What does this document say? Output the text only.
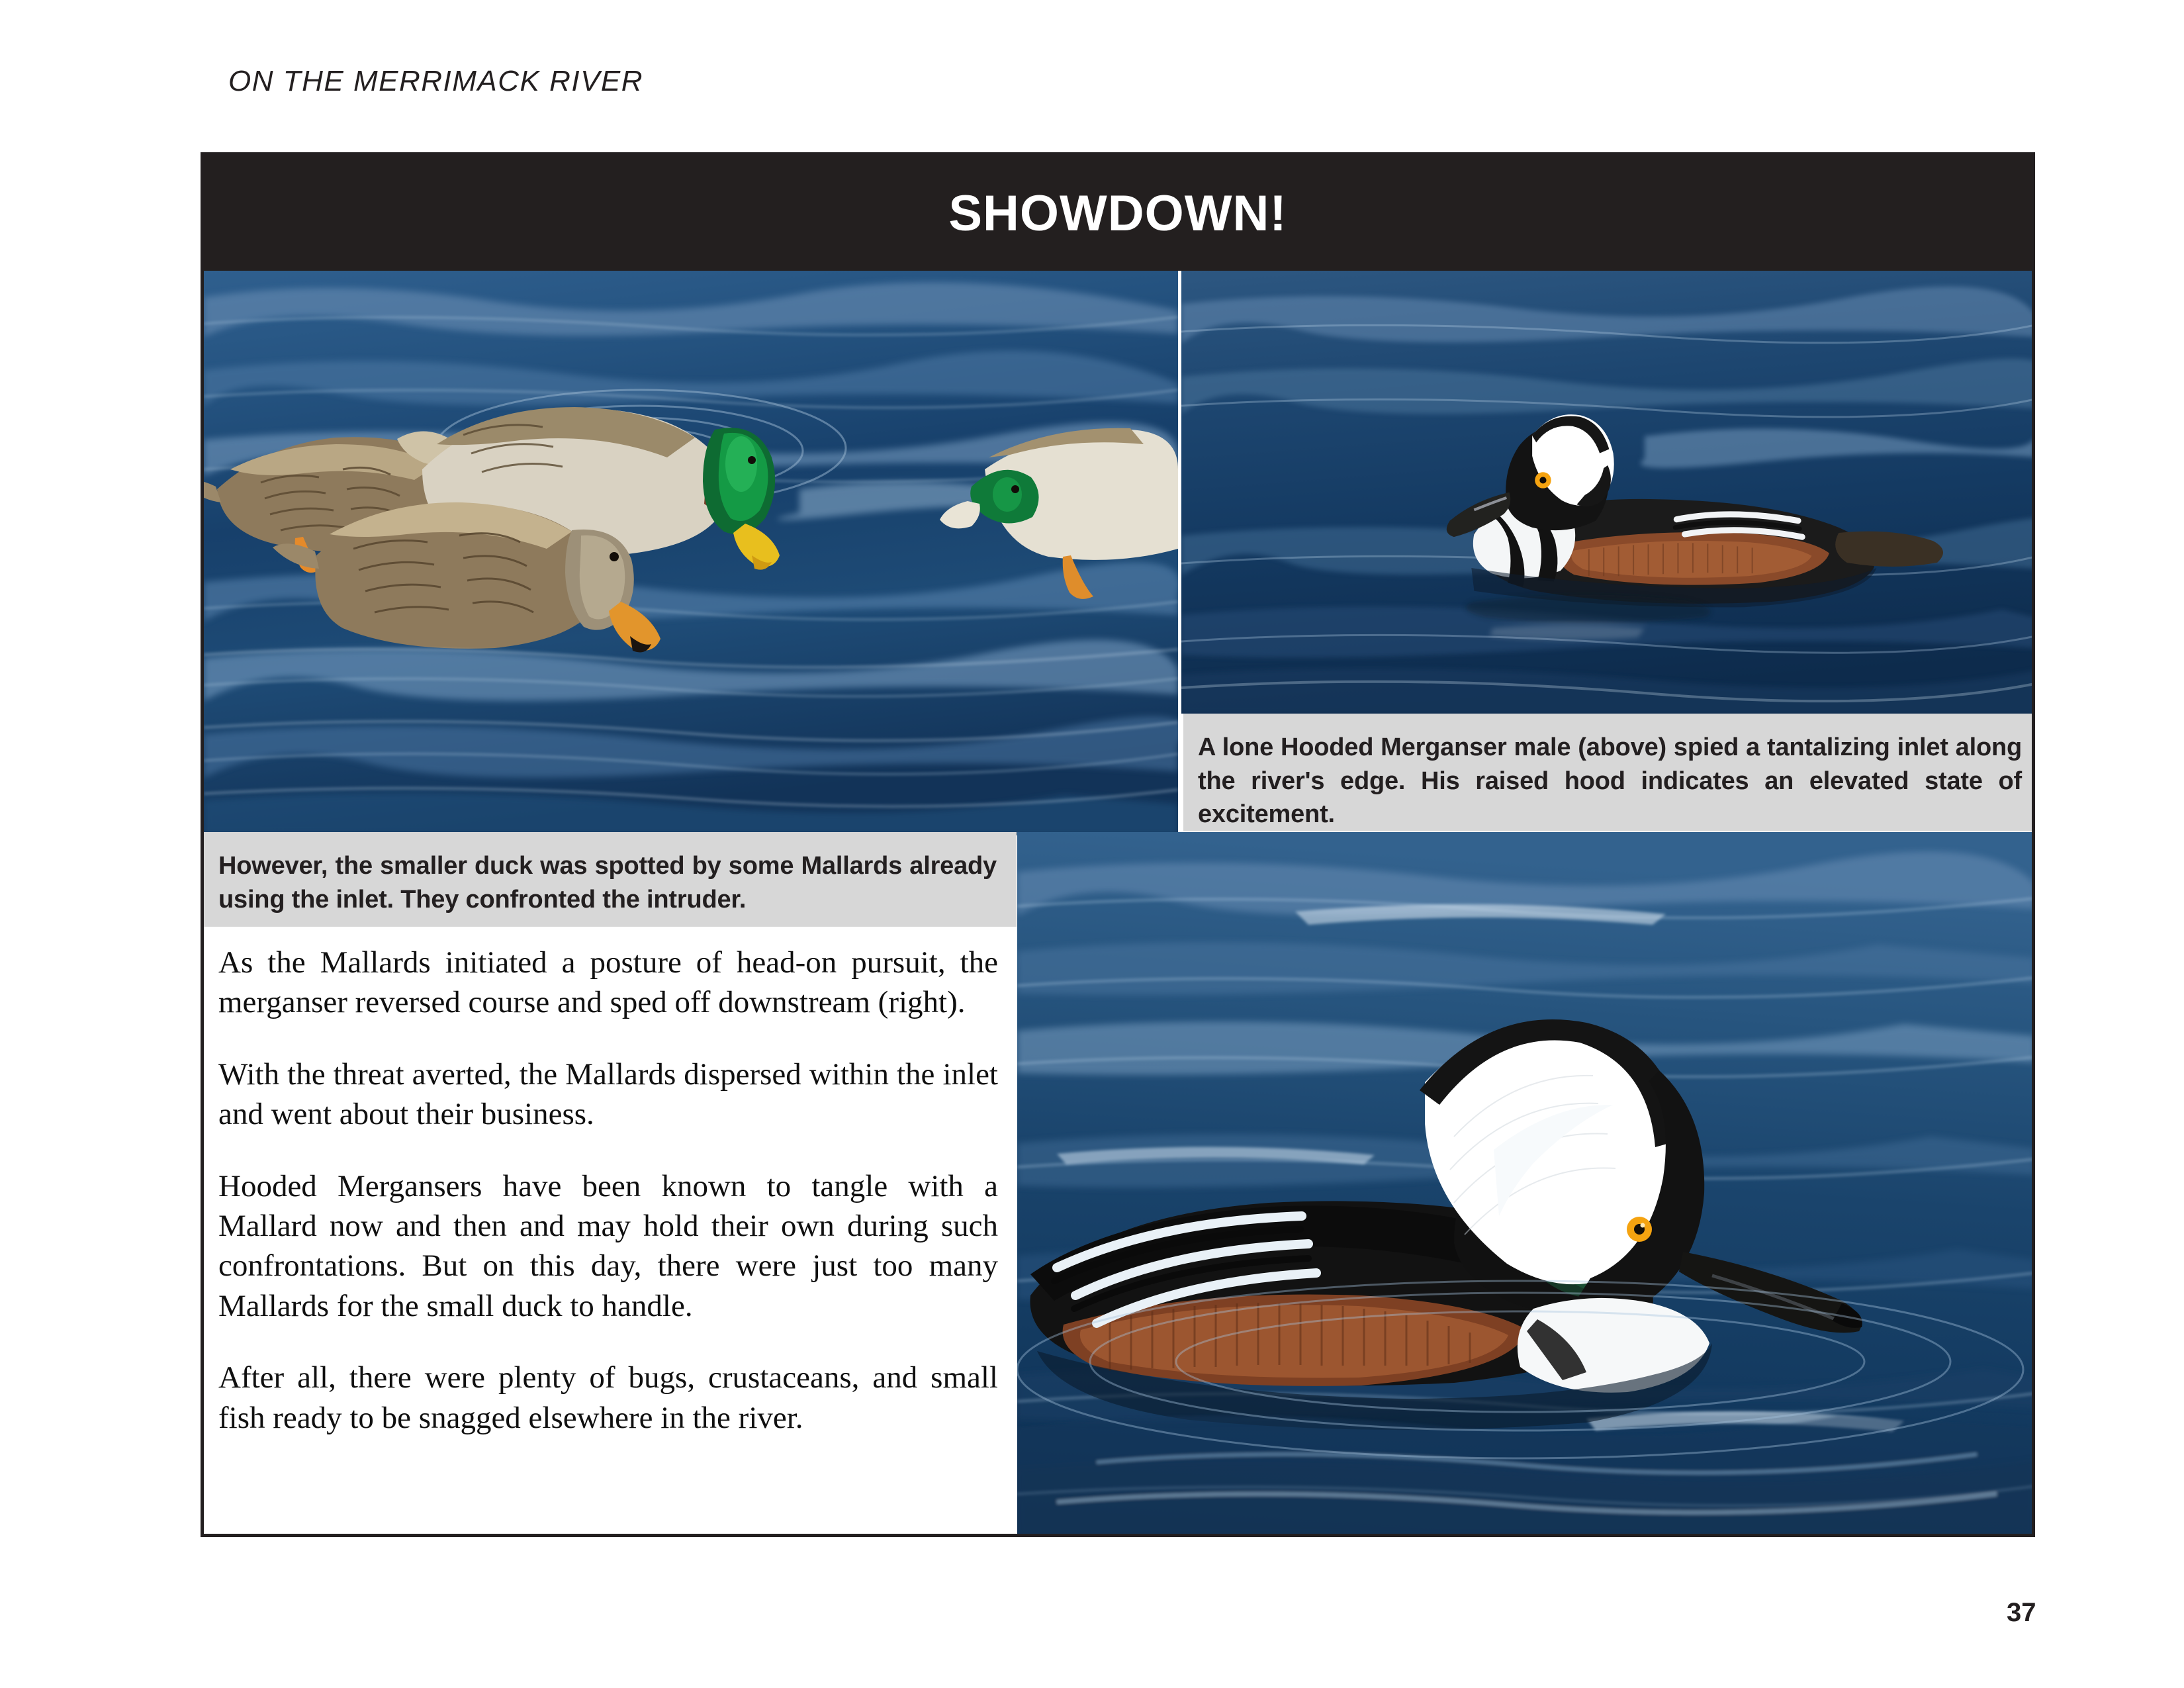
ON THE MERRIMACK RIVER
SHOWDOWN!

A lone Hooded Merganser male (above) spied a tantalizing inlet along the river's edge. His raised hood indicates an elevated state of excitement.

However, the smaller duck was spotted by some Mallards already using the inlet. They confronted the intruder.

As the Mallards initiated a posture of head-on pursuit, the merganser reversed course and sped off downstream (right).

With the threat averted, the Mallards dispersed within the inlet and went about their business.

Hooded Mergansers have been known to tangle with a Mallard now and then and may hold their own during such confrontations. But on this day, there were just too many Mallards for the small duck to handle.

After all, there were plenty of bugs, crustaceans, and small fish ready to be snagged elsewhere in the river.

37
